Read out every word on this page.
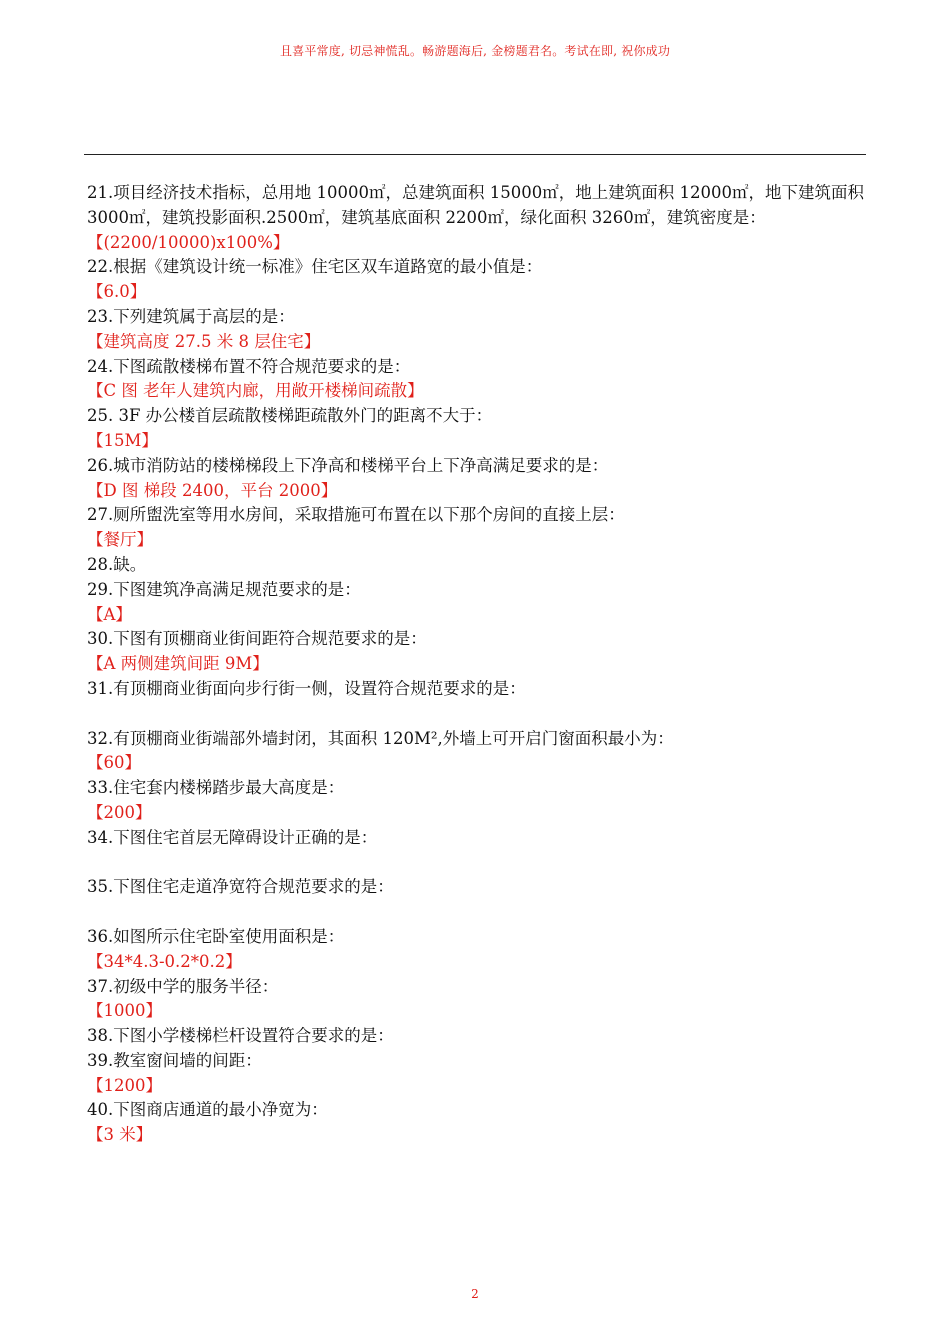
且喜平常度, 切忌神慌乱。畅游题海后, 金榜题君名。考试在即, 祝你成功
21.项目经济技术指标，总用地 10000㎡，总建筑面积 15000㎡，地上建筑面积 12000㎡，地下建筑面积 3000㎡，建筑投影面积.2500㎡，建筑基底面积 2200㎡，绿化面积 3260㎡，建筑密度是：
【(2200/10000)x100%】
22.根据《建筑设计统一标准》住宅区双车道路宽的最小值是：
【6.0】
23.下列建筑属于高层的是：
【建筑高度 27.5 米 8 层住宅】
24.下图疏散楼梯布置不符合规范要求的是：
【C 图 老年人建筑内廊，用敞开楼梯间疏散】
25. 3F 办公楼首层疏散楼梯距疏散外门的距离不大于：
【15M】
26.城市消防站的楼梯梯段上下净高和楼梯平台上下净高满足要求的是：
【D 图 梯段 2400，平台 2000】
27.厕所盥洗室等用水房间，采取措施可布置在以下那个房间的直接上层：
【餐厅】
28.缺。
29.下图建筑净高满足规范要求的是：
【A】
30.下图有顶棚商业街间距符合规范要求的是：
【A 两侧建筑间距 9M】
31.有顶棚商业街面向步行街一侧，设置符合规范要求的是：
32.有顶棚商业街端部外墙封闭，其面积 120M²,外墙上可开启门窗面积最小为：
【60】
33.住宅套内楼梯踏步最大高度是：
【200】
34.下图住宅首层无障碍设计正确的是：
35.下图住宅走道净宽符合规范要求的是：
36.如图所示住宅卧室使用面积是：
【34*4.3-0.2*0.2】
37.初级中学的服务半径：
【1000】
38.下图小学楼梯栏杆设置符合要求的是：
39.教室窗间墙的间距：
【1200】
40.下图商店通道的最小净宽为：
【3 米】
2
